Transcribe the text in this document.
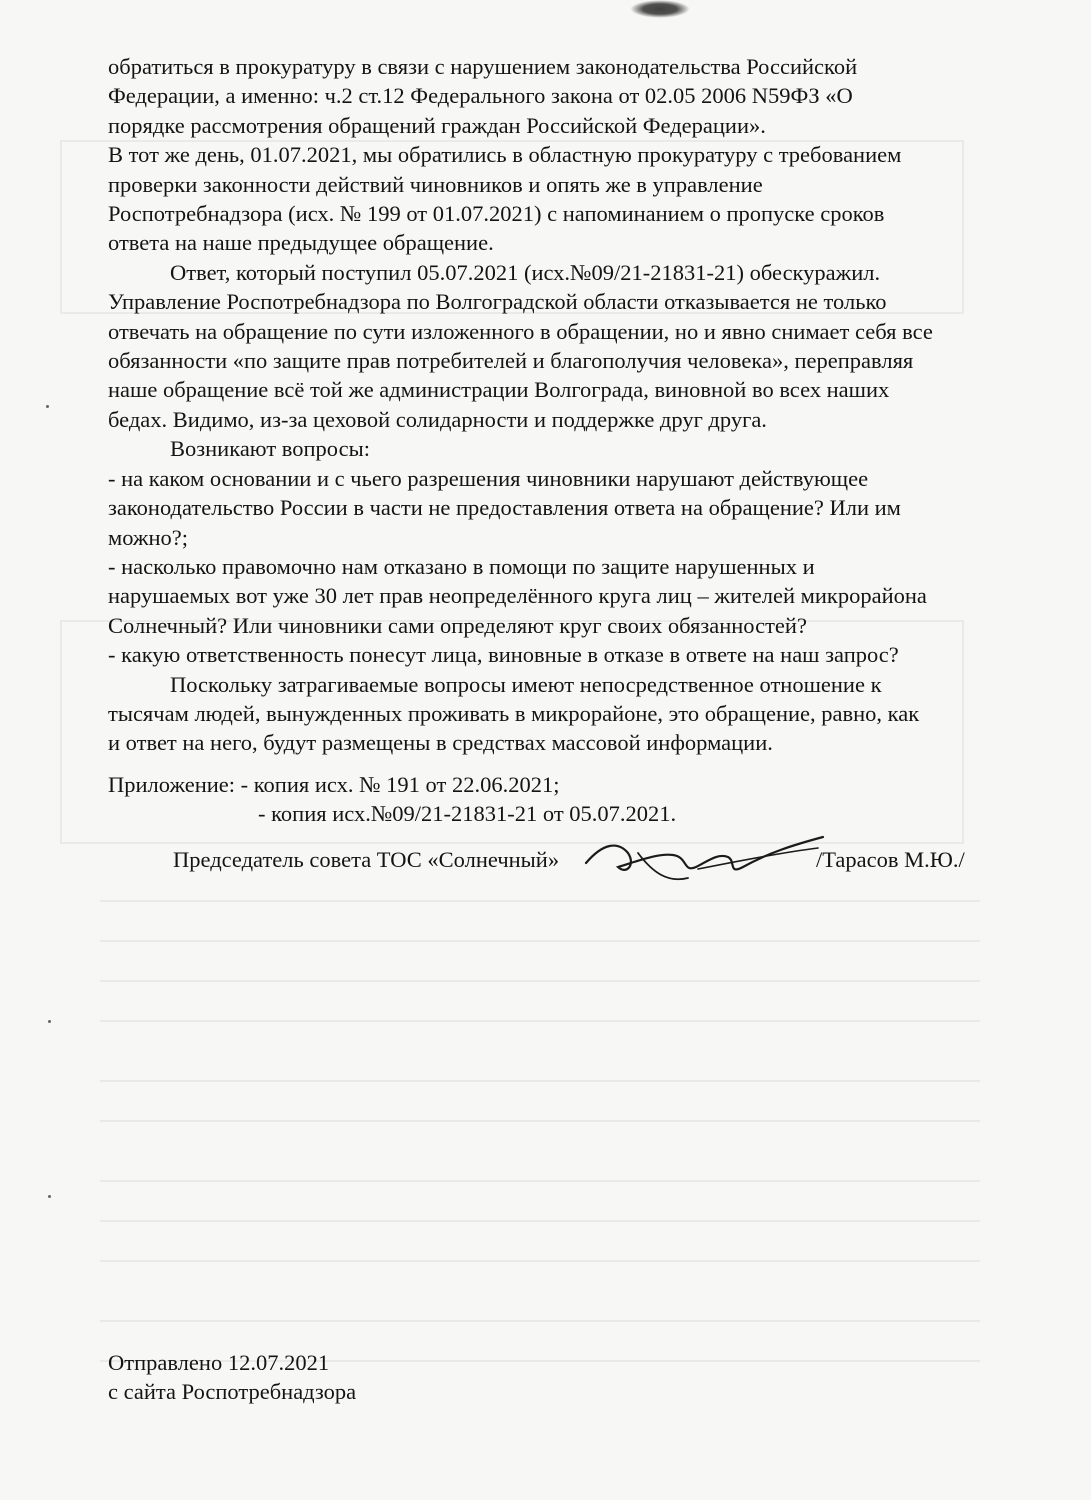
обратиться в прокуратуру в связи с нарушением законодательства Российской
Федерации, а именно: ч.2 ст.12 Федерального закона от 02.05 2006 N59ФЗ «О
порядке рассмотрения обращений граждан Российской Федерации».
В тот же день, 01.07.2021, мы обратились в областную прокуратуру с требованием
проверки законности действий чиновников и опять же в управление
Роспотребнадзора (исх. № 199 от 01.07.2021) с напоминанием о пропуске сроков
ответа на наше предыдущее обращение.
Ответ, который поступил 05.07.2021 (исх.№09/21-21831-21) обескуражил.
Управление Роспотребнадзора по Волгоградской области отказывается не только
отвечать на обращение по сути изложенного в обращении, но и явно снимает себя все
обязанности «по защите прав потребителей и благополучия человека», переправляя
наше обращение всё той же администрации Волгограда, виновной во всех наших
бедах. Видимо, из-за цеховой солидарности и поддержке друг друга.
Возникают вопросы:
- на каком основании и с чьего разрешения чиновники нарушают действующее
законодательство России в части не предоставления ответа на обращение? Или им
можно?;
- насколько правомочно нам отказано в помощи по защите нарушенных и
нарушаемых вот уже 30 лет прав неопределённого круга лиц – жителей микрорайона
Солнечный? Или чиновники сами определяют круг своих обязанностей?
- какую ответственность понесут лица, виновные в отказе в ответе на наш запрос?
Поскольку затрагиваемые вопросы имеют непосредственное отношение к
тысячам людей, вынужденных проживать в микрорайоне, это обращение, равно, как
и ответ на него, будут размещены в средствах массовой информации.
Приложение: - копия исх. № 191 от 22.06.2021;
- копия исх.№09/21-21831-21 от 05.07.2021.
Председатель совета ТОС «Солнечный»	/Тарасов М.Ю./
Отправлено 12.07.2021
с сайта Роспотребнадзора
